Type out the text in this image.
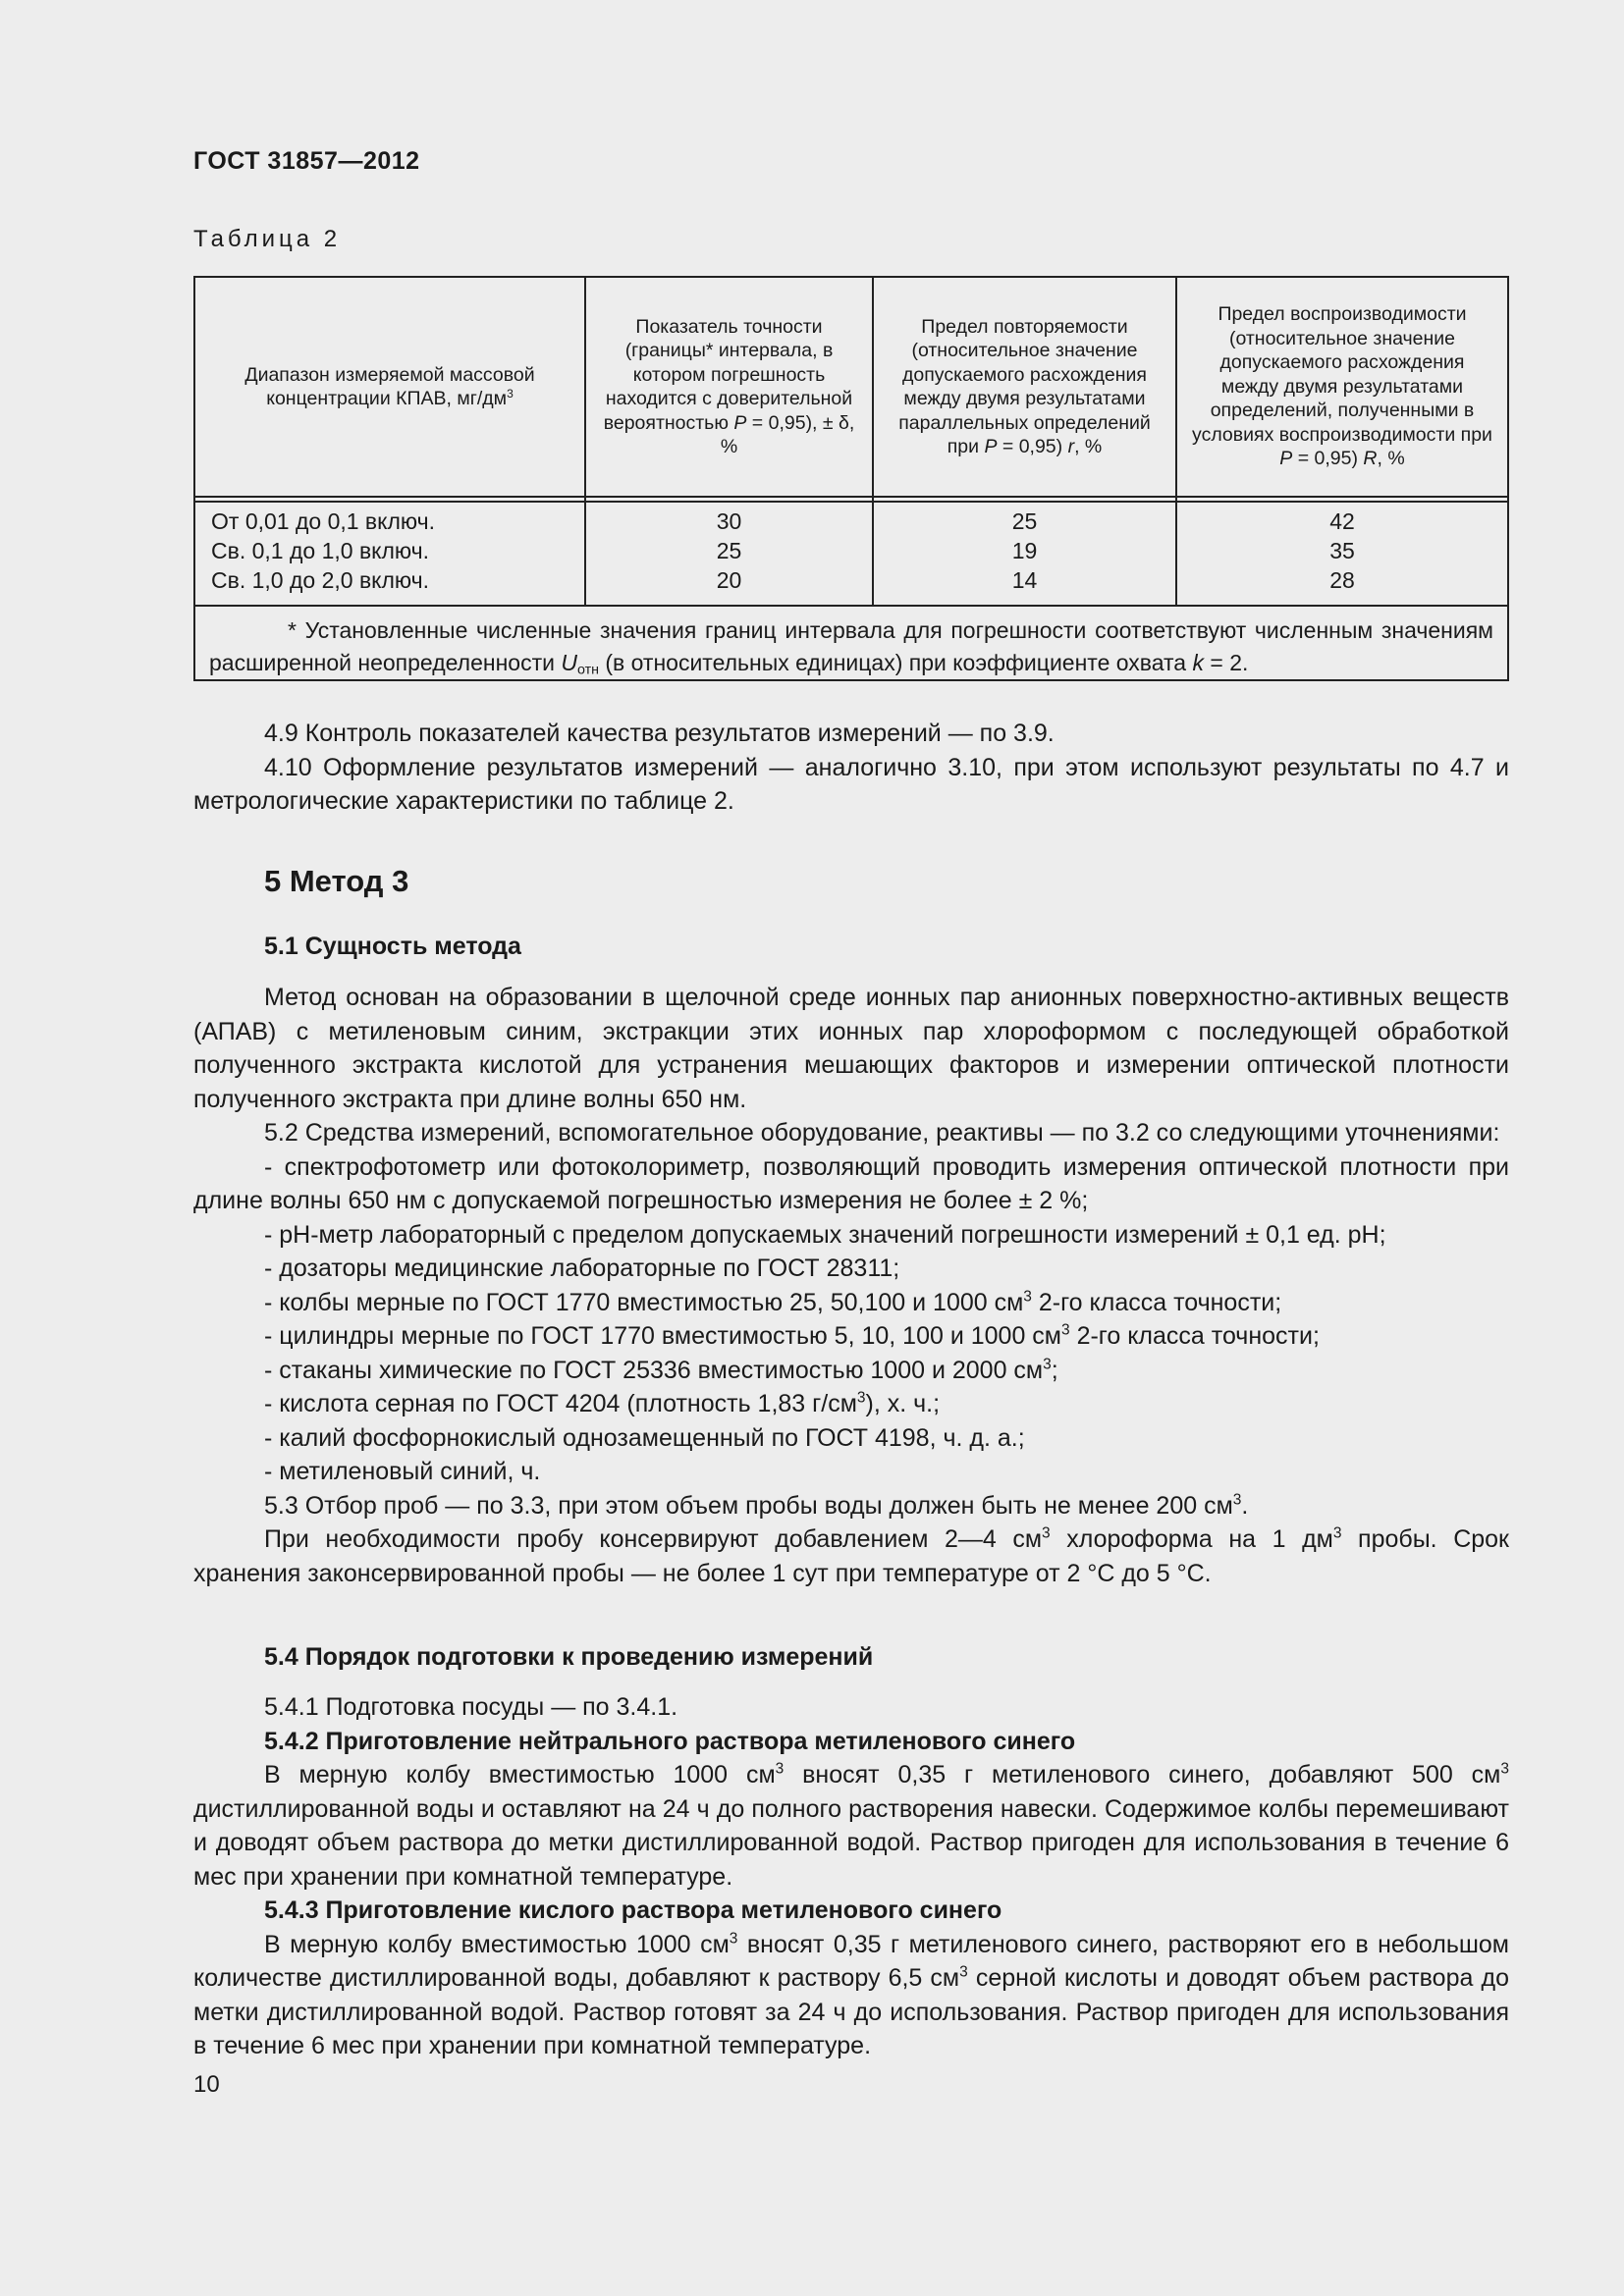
ГОСТ 31857—2012
Таблица 2
Диапазон измеряемой массовой концентрации КПАВ, $мг/дм^3$
Показатель точности (границы* интервала, в котором погрешность находится с доверительной вероятностью P = 0,95), ± δ, %
Предел повторяемости (относительное значение допускаемого расхождения между двумя результатами параллельных определений при P = 0,95) r, %
Предел воспроизводимости (относительное значение допускаемого расхождения между двумя результатами определений, полученными в условиях воспроизводимости при P = 0,95) R, %
От 0,01 до 0,1 включ.
Св. 0,1 до 1,0 включ.
Св. 1,0 до 2,0 включ.
30
25
20
25
19
14
42
35
28
* Установленные численные значения границ интервала для погрешности соответствуют численным значениям расширенной неопределенности $U_{отн}$ (в относительных единицах) при коэффициенте охвата k = 2.

4.9 Контроль показателей качества результатов измерений — по 3.9.

4.10 Оформление результатов измерений — аналогично 3.10, при этом используют результаты по 4.7 и метрологические характеристики по таблице 2.

5 Метод 3
5.1 Сущность метода

Метод основан на образовании в щелочной среде ионных пар анионных поверхностно-активных веществ (АПАВ) с метиленовым синим, экстракции этих ионных пар хлороформом с последующей обработкой полученного экстракта кислотой для устранения мешающих факторов и измерении оптической плотности полученного экстракта при длине волны 650 нм.

5.2 Средства измерений, вспомогательное оборудование, реактивы — по 3.2 со следующими уточнениями:

- спектрофотометр или фотоколориметр, позволяющий проводить измерения оптической плотности при длине волны 650 нм с допускаемой погрешностью измерения не более ± 2 %;

- pH-метр лабораторный с пределом допускаемых значений погрешности измерений ± 0,1 ед. pH;

- дозаторы медицинские лабораторные по ГОСТ 28311;

- колбы мерные по ГОСТ 1770 вместимостью 25, 50,100 и 1000 $см^3$ 2-го класса точности;

- цилиндры мерные по ГОСТ 1770 вместимостью 5, 10, 100 и 1000 $см^3$ 2-го класса точности;

- стаканы химические по ГОСТ 25336 вместимостью 1000 и 2000 $см^3$;

- кислота серная по ГОСТ 4204 (плотность 1,83 $г/см^3$), х. ч.;

- калий фосфорнокислый однозамещенный по ГОСТ 4198, ч. д. а.;

- метиленовый синий, ч.

5.3 Отбор проб — по 3.3, при этом объем пробы воды должен быть не менее 200 $см^3$.

При необходимости пробу консервируют добавлением 2—4 $см^3$ хлороформа на 1 $дм^3$ пробы. Срок хранения законсервированной пробы — не более 1 сут при температуре от 2 °С до 5 °С.

5.4 Порядок подготовки к проведению измерений

5.4.1 Подготовка посуды — по 3.4.1.

5.4.2 Приготовление нейтрального раствора метиленового синего

В мерную колбу вместимостью 1000 $см^3$ вносят 0,35 г метиленового синего, добавляют 500 $см^3$ дистиллированной воды и оставляют на 24 ч до полного растворения навески. Содержимое колбы перемешивают и доводят объем раствора до метки дистиллированной водой. Раствор пригоден для использования в течение 6 мес при хранении при комнатной температуре.

5.4.3 Приготовление кислого раствора метиленового синего

В мерную колбу вместимостью 1000 $см^3$ вносят 0,35 г метиленового синего, растворяют его в небольшом количестве дистиллированной воды, добавляют к раствору 6,5 $см^3$ серной кислоты и доводят объем раствора до метки дистиллированной водой. Раствор готовят за 24 ч до использования. Раствор пригоден для использования в течение 6 мес при хранении при комнатной температуре.

10
